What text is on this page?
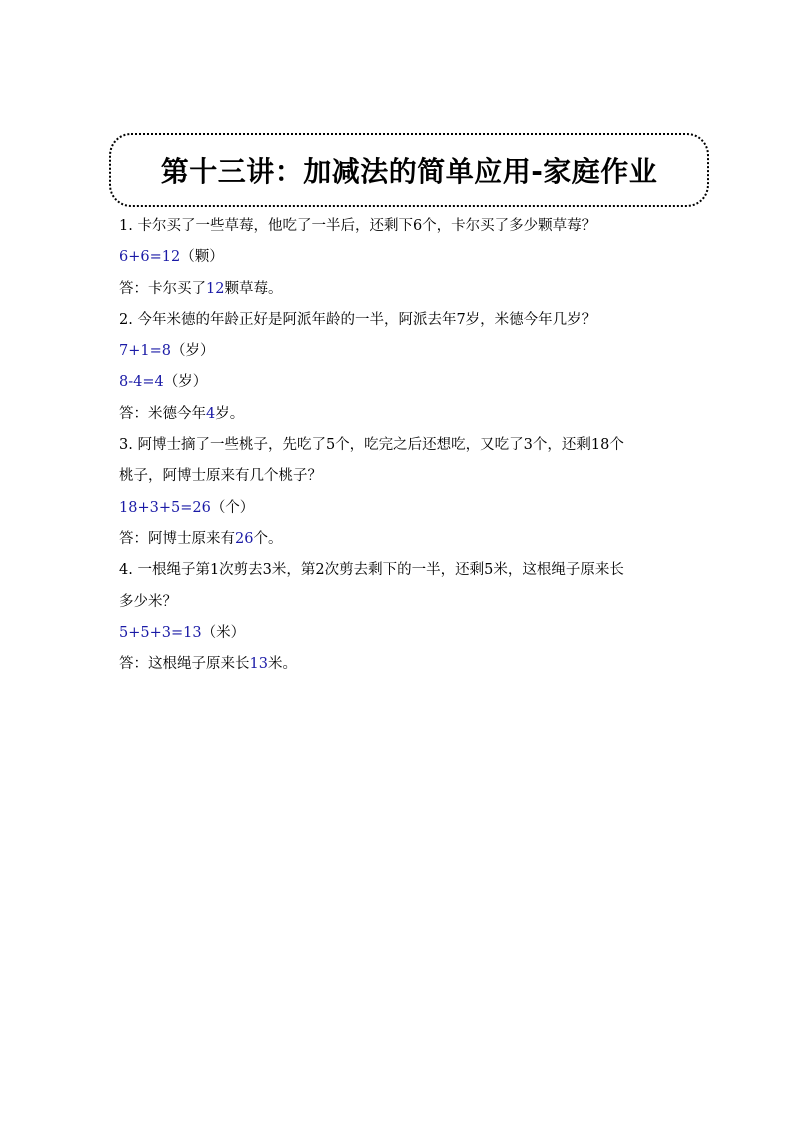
第十三讲：加减法的简单应用-家庭作业

1. 卡尔买了一些草莓，他吃了一半后，还剩下6个，卡尔买了多少颗草莓？

6+6=12（颗）

答：卡尔买了12颗草莓。

2. 今年米德的年龄正好是阿派年龄的一半，阿派去年7岁，米德今年几岁？

7+1=8（岁）

8-4=4（岁）

答：米德今年4岁。

3. 阿博士摘了一些桃子，先吃了5个，吃完之后还想吃，又吃了3个，还剩18个

桃子，阿博士原来有几个桃子？

18+3+5=26（个）

答：阿博士原来有26个。

4. 一根绳子第1次剪去3米，第2次剪去剩下的一半，还剩5米，这根绳子原来长

多少米？

5+5+3=13（米）

答：这根绳子原来长13米。
